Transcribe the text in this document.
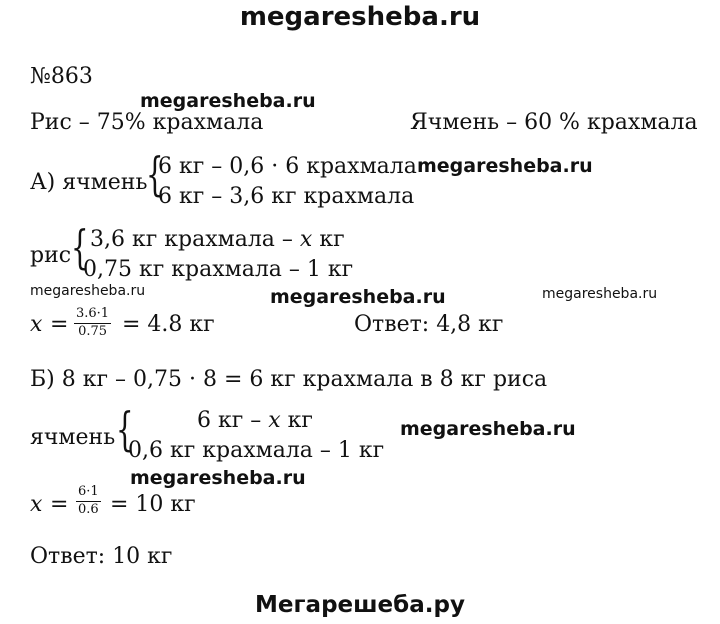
megaresheba.ru
№863
megaresheba.ru
Рис – 75% крахмала	Ячмень – 60 % крахмала
А) ячмень
{
6 кг – 0,6 · 6 крахмала megaresheba.ru
6 кг – 3,6 кг крахмала
рис { 3,6 кг крахмала – x кг
0,75 кг крахмала – 1 кг
megaresheba.ru	megaresheba.ru	megaresheba.ru
$x = \frac{3.6\cdot 1}{0.75} = 4.8$ кг	Ответ: 4,8 кг
Б) 8 кг – 0,75 · 8 = 6 кг крахмала в 8 кг риса
ячмень {	6 кг – x кг	megaresheba.ru
0,6 кг крахмала – 1 кг
megaresheba.ru
$x = \frac{6\cdot 1}{0.6} = 10$ кг
Ответ: 10 кг
Мегарешеба.ру
